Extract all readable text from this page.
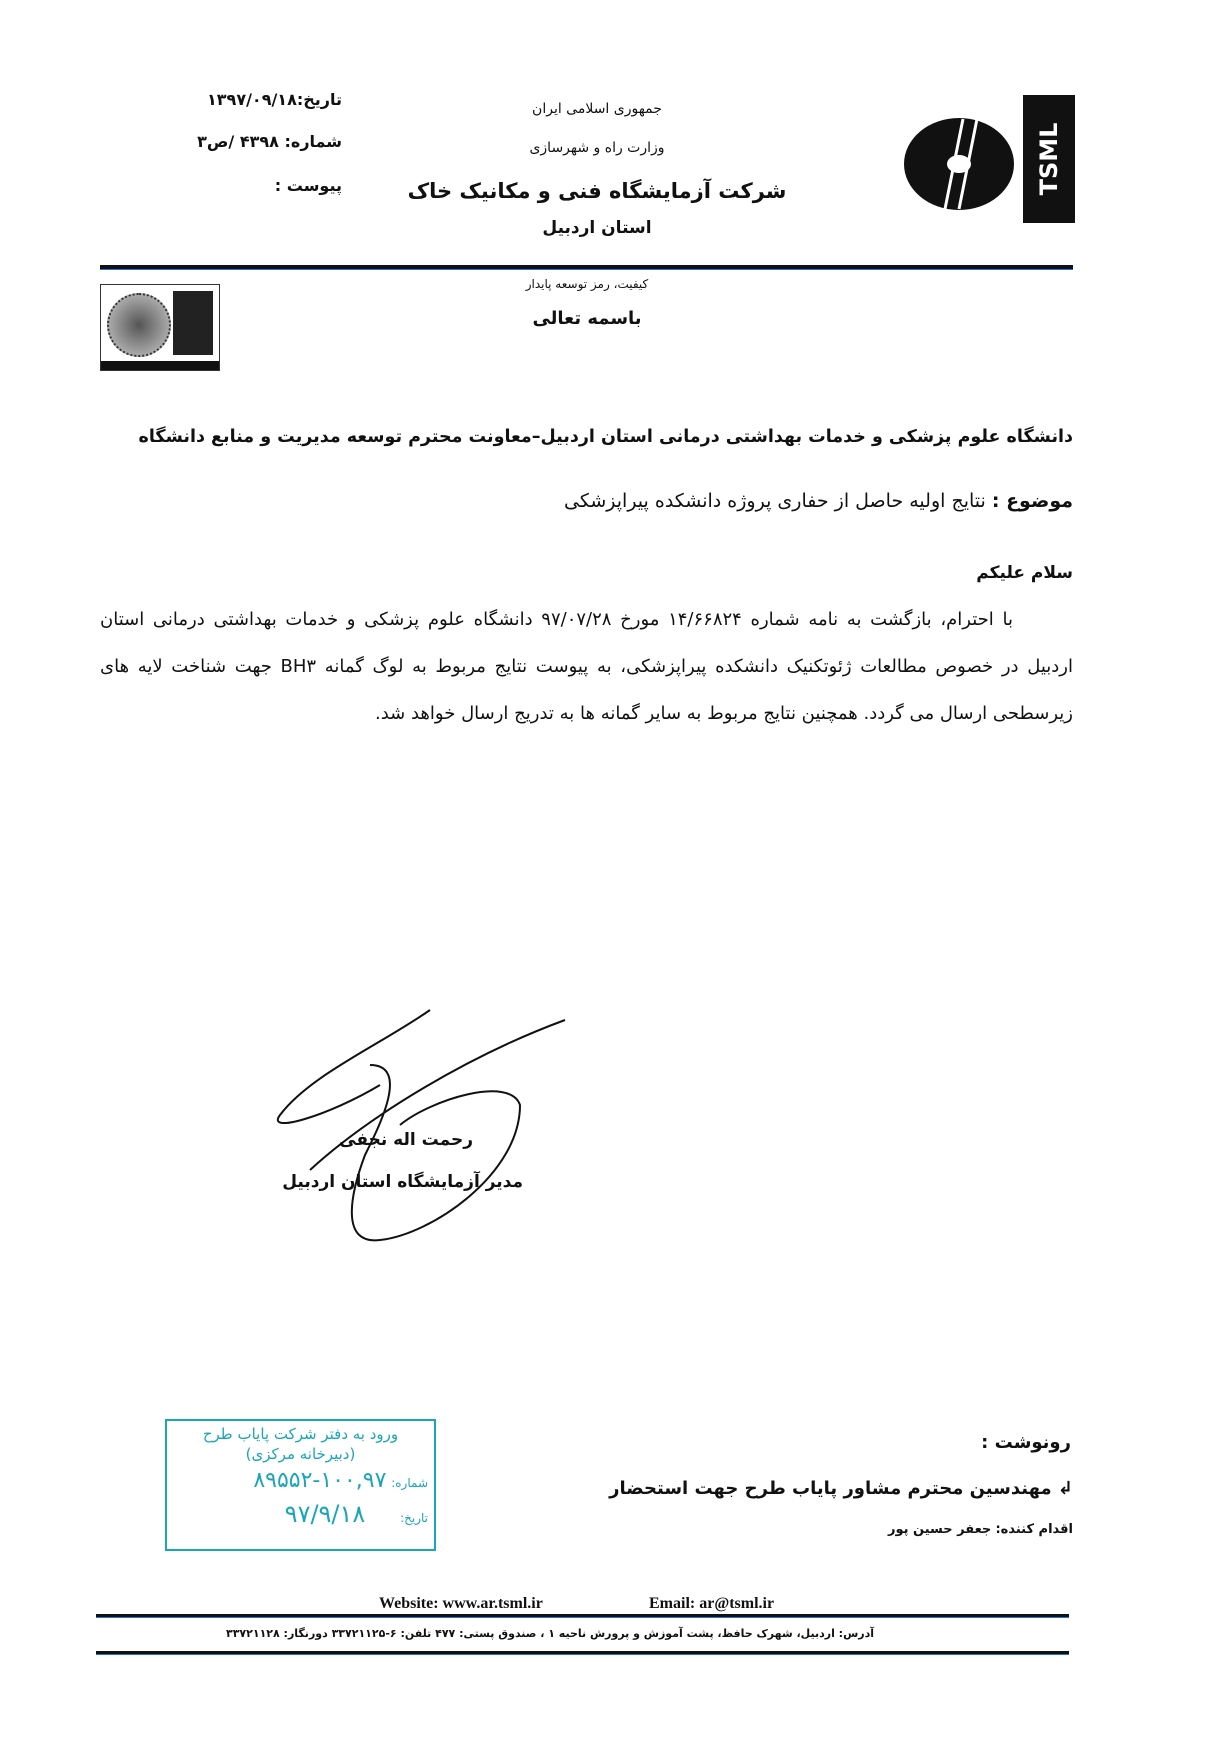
TSML
جمهوری اسلامی ایران
وزارت راه و شهرسازی
شرکت آزمایشگاه فنی و مکانیک خاک
استان اردبیل
تاریخ:۱۳۹۷/۰۹/۱۸
شماره: ۴۳۹۸ /ص۳
پیوست :
کیفیت، رمز توسعه پایدار
باسمه تعالی
دانشگاه علوم پزشکی و خدمات بهداشتی درمانی استان اردبیل–معاونت محترم توسعه مدیریت و منابع دانشگاه
موضوع : نتایج اولیه حاصل از حفاری پروژه دانشکده پیراپزشکی
سلام علیکم
با احترام، بازگشت به نامه شماره ۱۴/۶۶۸۲۴ مورخ ۹۷/۰۷/۲۸ دانشگاه علوم پزشکی و خدمات بهداشتی درمانی استان اردبیل در خصوص مطالعات ژئوتکنیک دانشکده پیراپزشکی، به پیوست نتایج مربوط به لوگ گمانه BH۳ جهت شناخت لایه های زیرسطحی ارسال می گردد. همچنین نتایج مربوط به سایر گمانه ها به تدریج ارسال خواهد شد.
رحمت اله نجفی
مدیر آزمایشگاه استان اردبیل
ورود به دفتر شرکت پایاب طرح
(دبیرخانه مرکزی)
شماره: ۱۰۰,۹۷-۸۹۵۵۲
تاریخ: ۹۷/۹/۱۸
رونوشت :
↲ مهندسین محترم مشاور پایاب طرح جهت استحضار
اقدام کننده: جعفر حسین پور
Website: www.ar.tsml.ir	Email: ar@tsml.ir
آدرس: اردبیل، شهرک حافظ، پشت آموزش و پرورش ناحیه ۱ ، صندوق پستی: ۴۷۷ تلفن: ۶-۳۳۷۲۱۱۲۵ دورنگار: ۳۳۷۲۱۱۲۸
